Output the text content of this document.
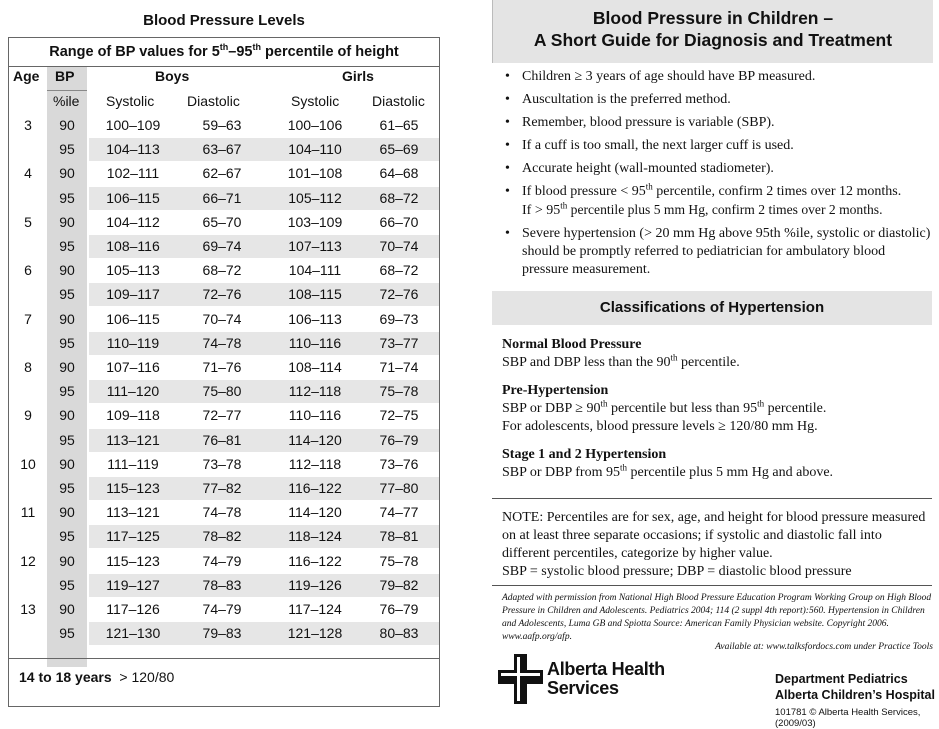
Blood Pressure Levels
Range of BP values for 5th–95th percentile of height
Age BP	Boys	Girls
%ile Systolic Diastolic	Systolic Diastolic
3	90	100–109	59–63	100–106	61–65
95	104–113	63–67	104–110	65–69
4	90	102–111	62–67	101–108	64–68
95	106–115	66–71	105–112	68–72
5	90	104–112	65–70	103–109	66–70
95	108–116	69–74	107–113	70–74
6	90	105–113	68–72	104–111	68–72
95	109–117	72–76	108–115	72–76
7	90	106–115	70–74	106–113	69–73
95	110–119	74–78	110–116	73–77
8	90	107–116	71–76	108–114	71–74
95	111–120	75–80	112–118	75–78
9	90	109–118	72–77	110–116	72–75
95	113–121	76–81	114–120	76–79
10	90	111–119	73–78	112–118	73–76
95	115–123	77–82	116–122	77–80
11	90	113–121	74–78	114–120	74–77
95	117–125	78–82	118–124	78–81
12	90	115–123	74–79	116–122	75–78
95	119–127	78–83	119–126	79–82
13	90	117–126	74–79	117–124	76–79
95	121–130	79–83	121–128	80–83
14 to 18 years > 120/80
Blood Pressure in Children –
A Short Guide for Diagnosis and Treatment
• Children ≥ 3 years of age should have BP measured.
• Auscultation is the preferred method.
• Remember, blood pressure is variable (SBP).
• If a cuff is too small, the next larger cuff is used.
• Accurate height (wall-mounted stadiometer).
• If blood pressure < 95th percentile, confirm 2 times over 12 months.
If > 95th percentile plus 5 mm Hg, confirm 2 times over 2 months.
• Severe hypertension (> 20 mm Hg above 95th %ile, systolic or diastolic) should be promptly referred to pediatrician for ambulatory blood pressure measurement.
Classifications of Hypertension
Normal Blood Pressure
SBP and DBP less than the 90th percentile.
Pre-Hypertension
SBP or DBP ≥ 90th percentile but less than 95th percentile.
For adolescents, blood pressure levels ≥ 120/80 mm Hg.
Stage 1 and 2 Hypertension
SBP or DBP from 95th percentile plus 5 mm Hg and above.
NOTE: Percentiles are for sex, age, and height for blood pressure measured on at least three separate occasions; if systolic and diastolic fall into different percentiles, categorize by higher value.
SBP = systolic blood pressure; DBP = diastolic blood pressure
Adapted with permission from National High Blood Pressure Education Program Working Group on High Blood Pressure in Children and Adolescents. Pediatrics 2004; 114 (2 suppl 4th report):560. Hypertension in Children and Adolescents, Luma GB and Spiotta Source: American Family Physician website. Copyright 2006. www.aafp.org/afp.
Available at: www.talksfordocs.com under Practice Tools
Alberta Health
Services	Department Pediatrics
Alberta Children’s Hospital
101781 © Alberta Health Services, (2009/03)
